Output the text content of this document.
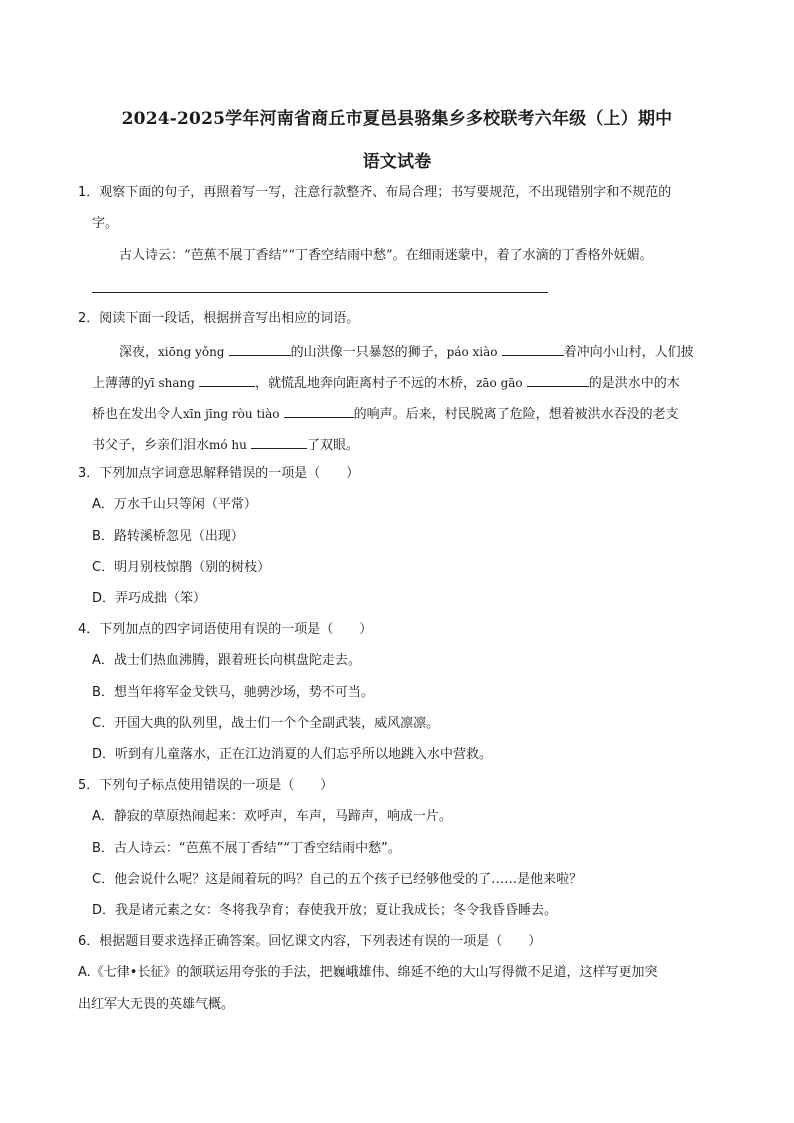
2024-2025学年河南省商丘市夏邑县骆集乡多校联考六年级（上）期中
语文试卷
1．观察下面的句子，再照着写一写，注意行款整齐、布局合理；书写要规范，不出现错别字和不规范的
字。
古人诗云：“芭蕉不展丁香结”“丁香空结雨中愁”。在细雨迷蒙中，着了水滴的丁香格外妩媚。
2．阅读下面一段话，根据拼音写出相应的词语。
深夜，xiōng yǒng	的山洪像一只暴怒的狮子，páo xiào	着冲向小山村，人们披
上薄薄的yī shang	，就慌乱地奔向距离村子不远的木桥，zāo gāo	的是洪水中的木
桥也在发出令人xīn jīng ròu tiào	的响声。后来，村民脱离了危险，想着被洪水吞没的老支
书父子，乡亲们泪水mó hu	了双眼。
3．下列加点字词意思解释错误的一项是（　　）
A．万水千山只等闲（平常）
B．路转溪桥忽见（出现）
C．明月别枝惊鹊（别的树枝）
D．弄巧成拙（笨）
4．下列加点的四字词语使用有误的一项是（　　）
A．战士们热血沸腾，跟着班长向棋盘陀走去。
B．想当年将军金戈铁马，驰骋沙场，势不可当。
C．开国大典的队列里，战士们一个个全副武装，威风凛凛。
D．听到有儿童落水，正在江边消夏的人们忘乎所以地跳入水中营救。
5．下列句子标点使用错误的一项是（　　）
A．静寂的草原热闹起来：欢呼声，车声，马蹄声，响成一片。
B．古人诗云：“芭蕉不展丁香结”“丁香空结雨中愁”。
C．他会说什么呢？这是闹着玩的吗？自己的五个孩子已经够他受的了……是他来啦？
D．我是诸元素之女：冬将我孕育；春使我开放；夏让我成长；冬令我昏昏睡去。
6．根据题目要求选择正确答案。回忆课文内容，下列表述有误的一项是（　　）
A.《七律•长征》的颔联运用夸张的手法，把巍峨雄伟、绵延不绝的大山写得微不足道，这样写更加突
出红军大无畏的英雄气概。
